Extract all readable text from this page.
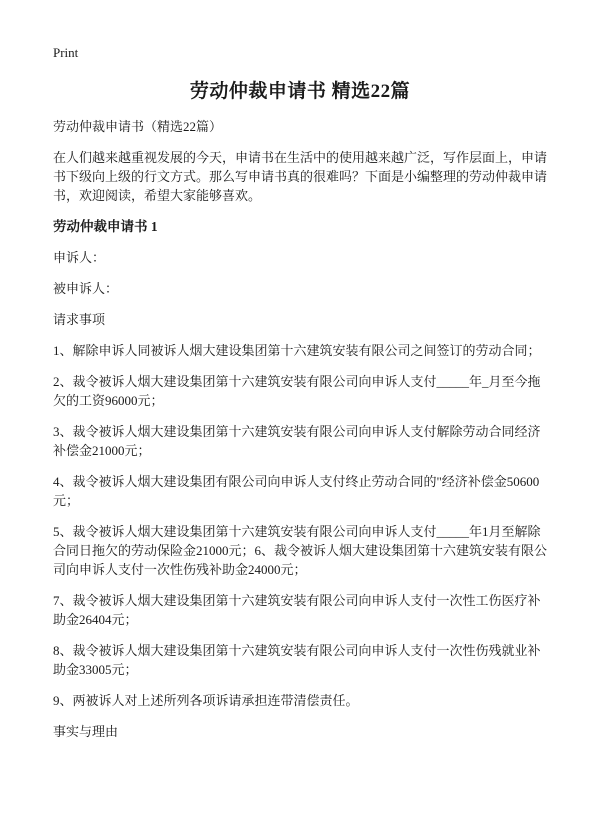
Print
劳动仲裁申请书 精选22篇

劳动仲裁申请书（精选22篇）

在人们越来越重视发展的今天，申请书在生活中的使用越来越广泛，写作层面上，申请书下级向上级的行文方式。那么写申请书真的很难吗？下面是小编整理的劳动仲裁申请书，欢迎阅读，希望大家能够喜欢。

劳动仲裁申请书 1

申诉人：

被申诉人：

请求事项

1、解除申诉人同被诉人烟大建设集团第十六建筑安装有限公司之间签订的劳动合同；

2、裁令被诉人烟大建设集团第十六建筑安装有限公司向申诉人支付_____年_月至今拖欠的工资96000元；

3、裁令被诉人烟大建设集团第十六建筑安装有限公司向申诉人支付解除劳动合同经济补偿金21000元；

4、裁令被诉人烟大建设集团有限公司向申诉人支付终止劳动合同的"经济补偿金50600元；

5、裁令被诉人烟大建设集团第十六建筑安装有限公司向申诉人支付_____年1月至解除合同日拖欠的劳动保险金21000元；6、裁令被诉人烟大建设集团第十六建筑安装有限公司向申诉人支付一次性伤残补助金24000元；

7、裁令被诉人烟大建设集团第十六建筑安装有限公司向申诉人支付一次性工伤医疗补助金26404元；

8、裁令被诉人烟大建设集团第十六建筑安装有限公司向申诉人支付一次性伤残就业补助金33005元；

9、两被诉人对上述所列各项诉请承担连带清偿责任。

事实与理由
